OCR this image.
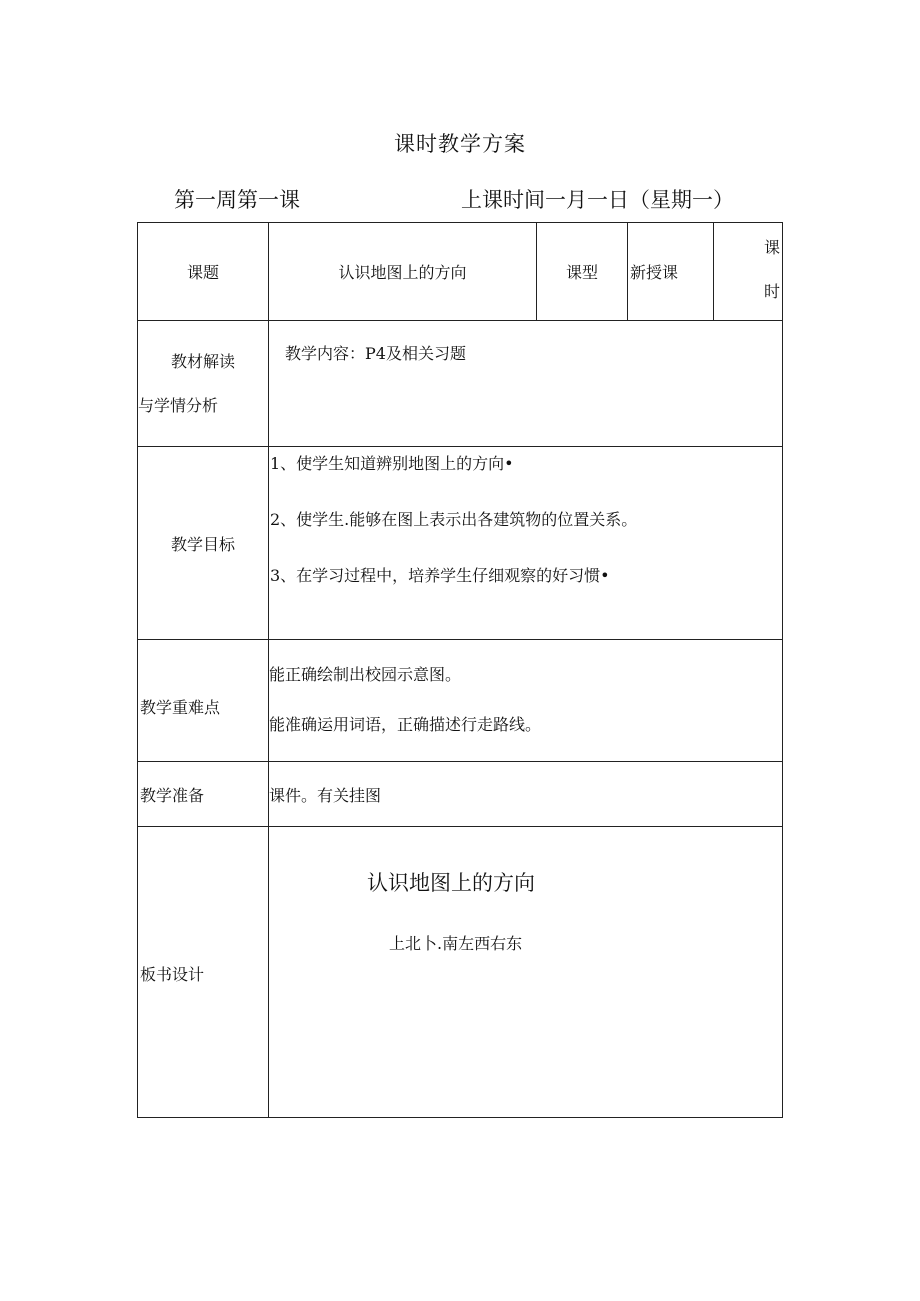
课时教学方案
第一周第一课	上课时间一月一日（星期一）
课题	认识地图上的方向	课型	新授课	课
时

教材解读
与学情分析	教学内容：P4及相关习题			
教学目标	1、使学生知道辨别地图上的方向•
2、使学生.能够在图上表示出各建筑物的位置关系。
3、在学习过程中，培养学生仔细观察的好习惯•			

教学重难点	能正确绘制出校园示意图。
能准确运用词语，正确描述行走路线。			

教学准备	课件。有关挂图			
板书设计	认识地图上的方向
上北卜.南左西右东			
